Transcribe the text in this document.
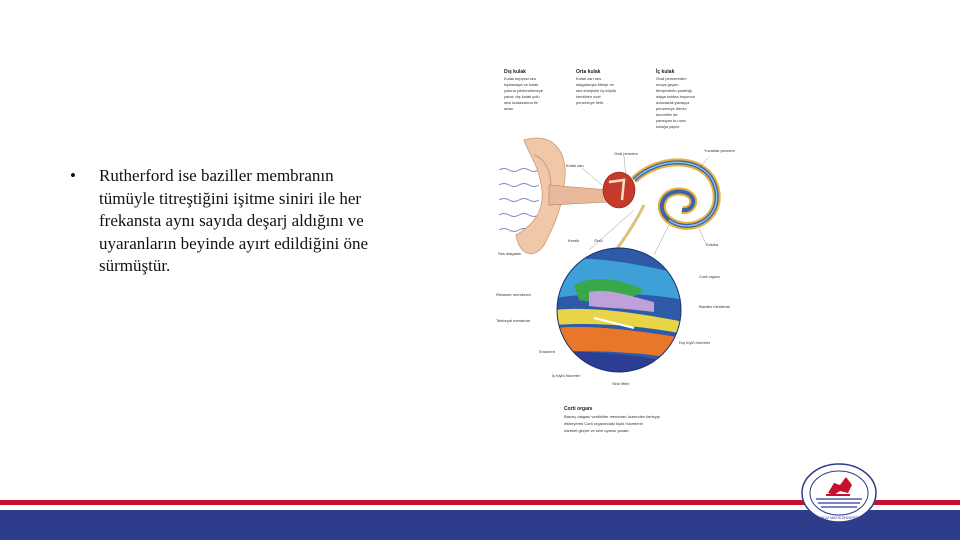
• Rutherford ise baziller membranın tümüyle titreştiğini işitme siniri ile her frekansta aynı sayıda deşarj aldığını ve uyaranların beyinde ayırt edildiğini öne sürmüştür.
Dış kulak
Kulak kepçesi ses toplamaya ve kulak yoluna yönlendirmeye yarar; dış kulak yolu sesi kulakzarına ile artan
Orta kulak
Kulak zarı ses dalgalarıyla titreşir ve ses enerjisini üç küçük kemikten oval pencereye iletir.
İç kulak
Oval pencereden sıvıya geçen titreşimlerin yarattığı dalga koklea boyunca dolanarak yavaşça pencereye döner; kuvvetler de yansıyan bu orta kulağa yayılır.
Kulak zarı
Oval pencere
Yuvarlak pencere
Koklea
Örsü
Ses dalgaları
Kemik
Corti organı
Reissner membranı
Baziller membran
Tektoryal membran
Dış tüylü hücreler
Endolenf
İç tüylü hücreler
Sinir lifleri
Corti organı
Basınç dalgası vestibüler membran üzerinden ilerleyip etkileyerek Corti organındaki tüylü hücrelerin hareket geçirir ve sinir uyarısı yaratır.
ONDOKUZ MAYIS ÜNİVERSİTESİ
